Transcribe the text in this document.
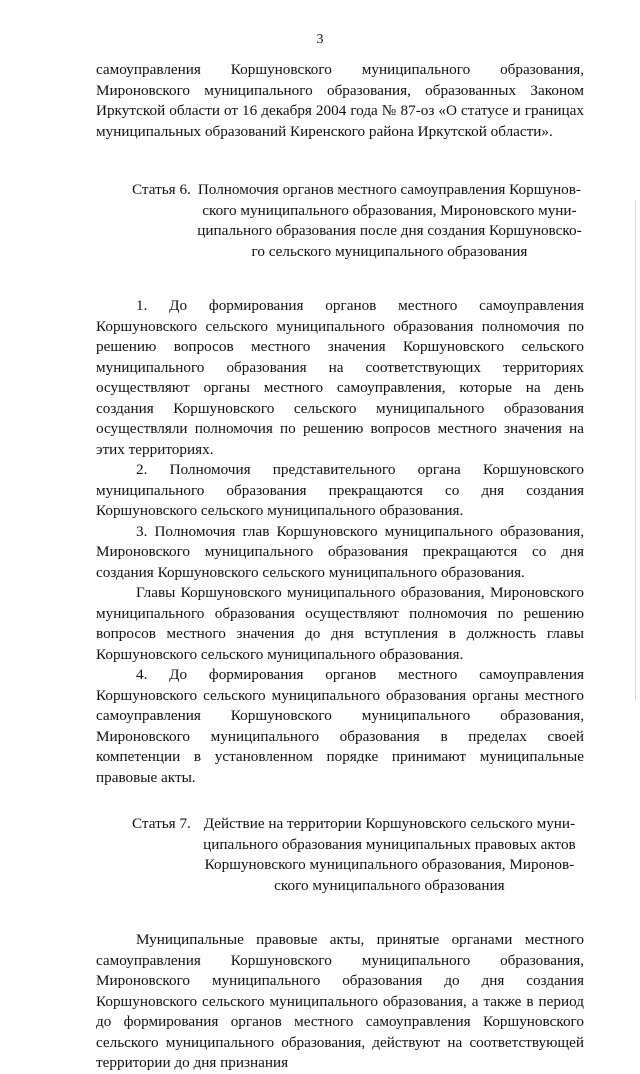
3

самоуправления Коршуновского муниципального образования, Мироновского муниципального образования, образованных Законом Иркутской области от 16 декабря 2004 года № 87-оз «О статусе и границах муниципальных образований Киренского района Иркутской области».

Статья 6. Полномочия органов местного самоуправления Коршунов-
ского муниципального образования, Мироновского муни-
ципального образования после дня создания Коршуновско-
го сельского муниципального образования

1. До формирования органов местного самоуправления Коршуновского сельского муниципального образования полномочия по решению вопросов местного значения Коршуновского сельского муниципального образования на соответствующих территориях осуществляют органы местного самоуправления, которые на день создания Коршуновского сельского муниципального образования осуществляли полномочия по решению вопросов местного значения на этих территориях.

2. Полномочия представительного органа Коршуновского муниципального образования прекращаются со дня создания Коршуновского сельского муниципального образования.

3. Полномочия глав Коршуновского муниципального образования, Мироновского муниципального образования прекращаются со дня создания Коршуновского сельского муниципального образования.

Главы Коршуновского муниципального образования, Мироновского муниципального образования осуществляют полномочия по решению вопросов местного значения до дня вступления в должность главы Коршуновского сельского муниципального образования.

4. До формирования органов местного самоуправления Коршуновского сельского муниципального образования органы местного самоуправления Коршуновского муниципального образования, Мироновского муниципального образования в пределах своей компетенции в установленном порядке принимают муниципальные правовые акты.

Статья 7. Действие на территории Коршуновского сельского муни-
ципального образования муниципальных правовых актов
Коршуновского муниципального образования, Миронов-
ского муниципального образования

Муниципальные правовые акты, принятые органами местного самоуправления Коршуновского муниципального образования, Мироновского муниципального образования до дня создания Коршуновского сельского муниципального образования, а также в период до формирования органов местного самоуправления Коршуновского сельского муниципального образования, действуют на соответствующей территории до дня признания
